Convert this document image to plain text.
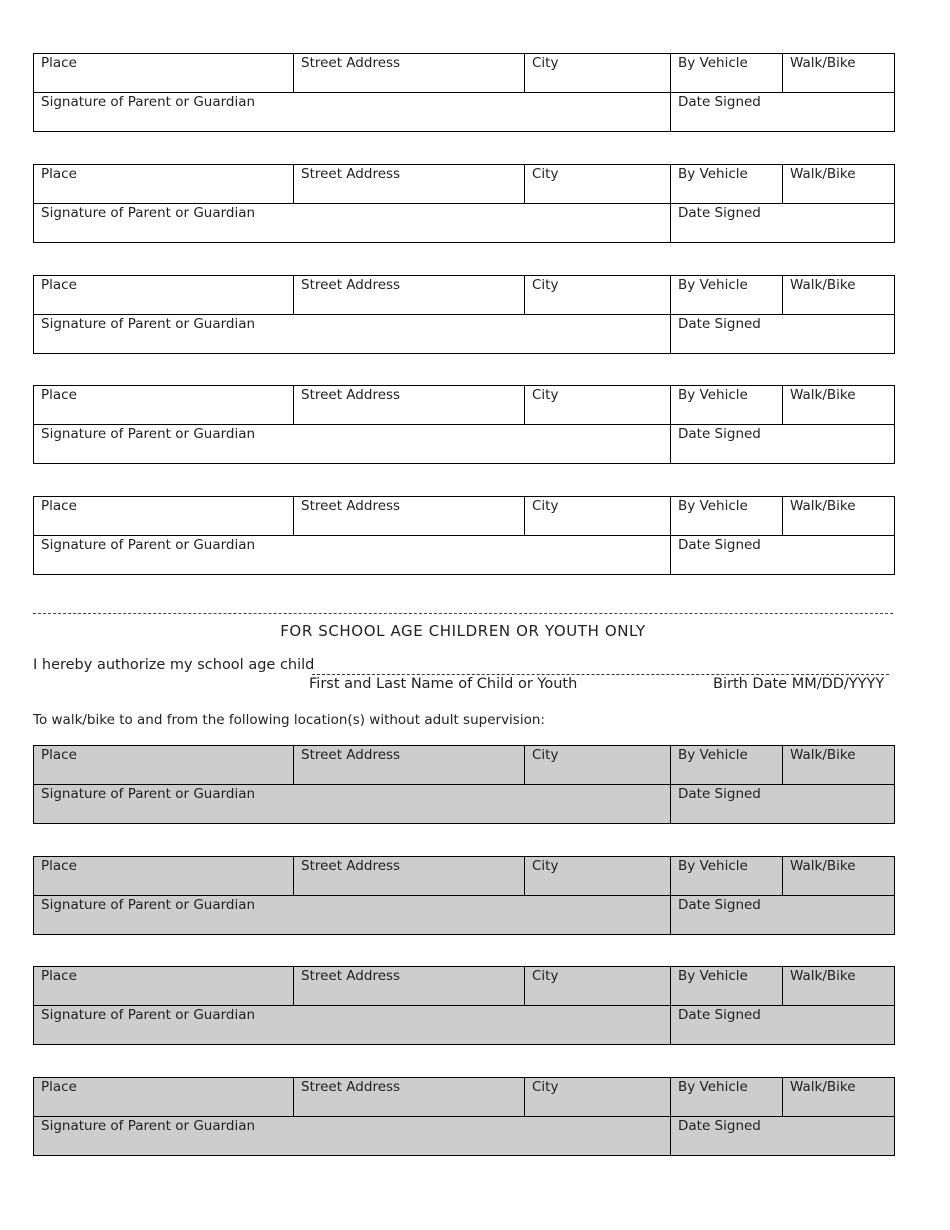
Place	Street Address	City	By Vehicle	Walk/Bike
Signature of Parent or Guardian	Date Signed
Place	Street Address	City	By Vehicle	Walk/Bike
Signature of Parent or Guardian	Date Signed
Place	Street Address	City	By Vehicle	Walk/Bike
Signature of Parent or Guardian	Date Signed
Place	Street Address	City	By Vehicle	Walk/Bike
Signature of Parent or Guardian	Date Signed
Place	Street Address	City	By Vehicle	Walk/Bike
Signature of Parent or Guardian	Date Signed
FOR SCHOOL AGE CHILDREN OR YOUTH ONLY
I hereby authorize my school age child
First and Last Name of Child or Youth	Birth Date MM/DD/YYYY
To walk/bike to and from the following location(s) without adult supervision:
Place	Street Address	City	By Vehicle	Walk/Bike
Signature of Parent or Guardian	Date Signed
Place	Street Address	City	By Vehicle	Walk/Bike
Signature of Parent or Guardian	Date Signed
Place	Street Address	City	By Vehicle	Walk/Bike
Signature of Parent or Guardian	Date Signed
Place	Street Address	City	By Vehicle	Walk/Bike
Signature of Parent or Guardian	Date Signed
